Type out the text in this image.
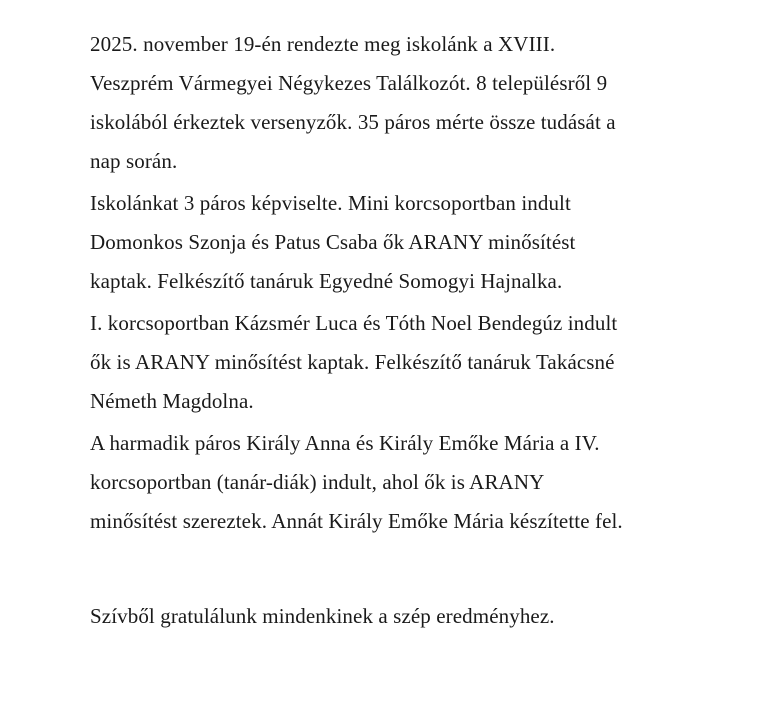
2025. november 19-én rendezte meg iskolánk a XVIII.
Veszprém Vármegyei Négykezes Találkozót. 8 településről 9
iskolából érkeztek versenyzők. 35 páros mérte össze tudását a
nap során.
Iskolánkat 3 páros képviselte. Mini korcsoportban indult
Domonkos Szonja és Patus Csaba ők ARANY minősítést
kaptak. Felkészítő tanáruk Egyedné Somogyi Hajnalka.
I. korcsoportban Kázsmér Luca és Tóth Noel Bendegúz indult
ők is ARANY minősítést kaptak. Felkészítő tanáruk Takácsné
Németh Magdolna.
A harmadik páros Király Anna és Király Emőke Mária a IV.
korcsoportban (tanár-diák) indult, ahol ők is ARANY
minősítést szereztek. Annát Király Emőke Mária készítette fel.
Szívből gratulálunk mindenkinek a szép eredményhez.
